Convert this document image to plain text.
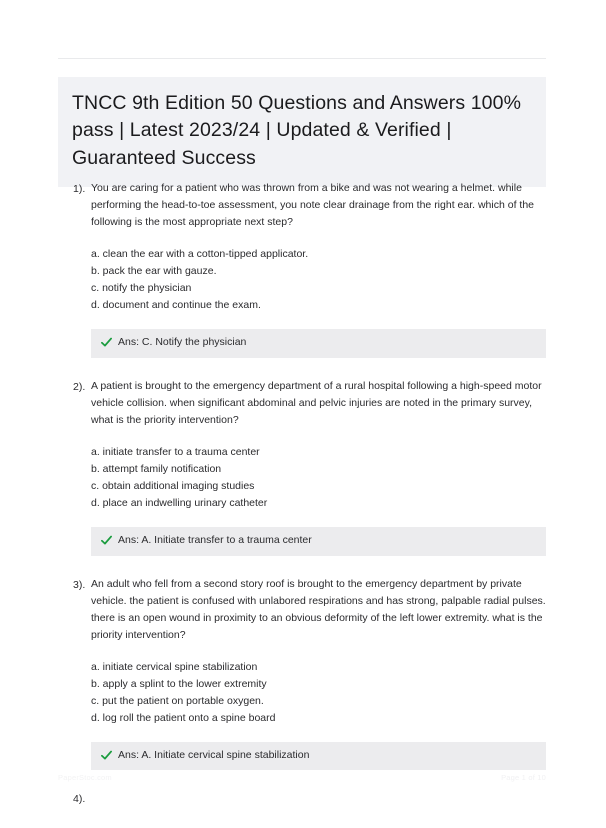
TNCC 9th Edition 50 Questions and Answers 100% pass | Latest 2023/24 | Updated & Verified | Guaranteed Success
1). You are caring for a patient who was thrown from a bike and was not wearing a helmet. while performing the head-to-toe assessment, you note clear drainage from the right ear. which of the following is the most appropriate next step?

a. clean the ear with a cotton-tipped applicator.
b. pack the ear with gauze.
c. notify the physician
d. document and continue the exam.
Ans: C. Notify the physician
2). A patient is brought to the emergency department of a rural hospital following a high-speed motor vehicle collision. when significant abdominal and pelvic injuries are noted in the primary survey, what is the priority intervention?

a. initiate transfer to a trauma center
b. attempt family notification
c. obtain additional imaging studies
d. place an indwelling urinary catheter
Ans: A. Initiate transfer to a trauma center
3). An adult who fell from a second story roof is brought to the emergency department by private vehicle. the patient is confused with unlabored respirations and has strong, palpable radial pulses. there is an open wound in proximity to an obvious deformity of the left lower extremity. what is the priority intervention?

a. initiate cervical spine stabilization
b. apply a splint to the lower extremity
c. put the patient on portable oxygen.
d. log roll the patient onto a spine board
Ans: A. Initiate cervical spine stabilization
4).

PaperStoc.com	Page 1 of 10
